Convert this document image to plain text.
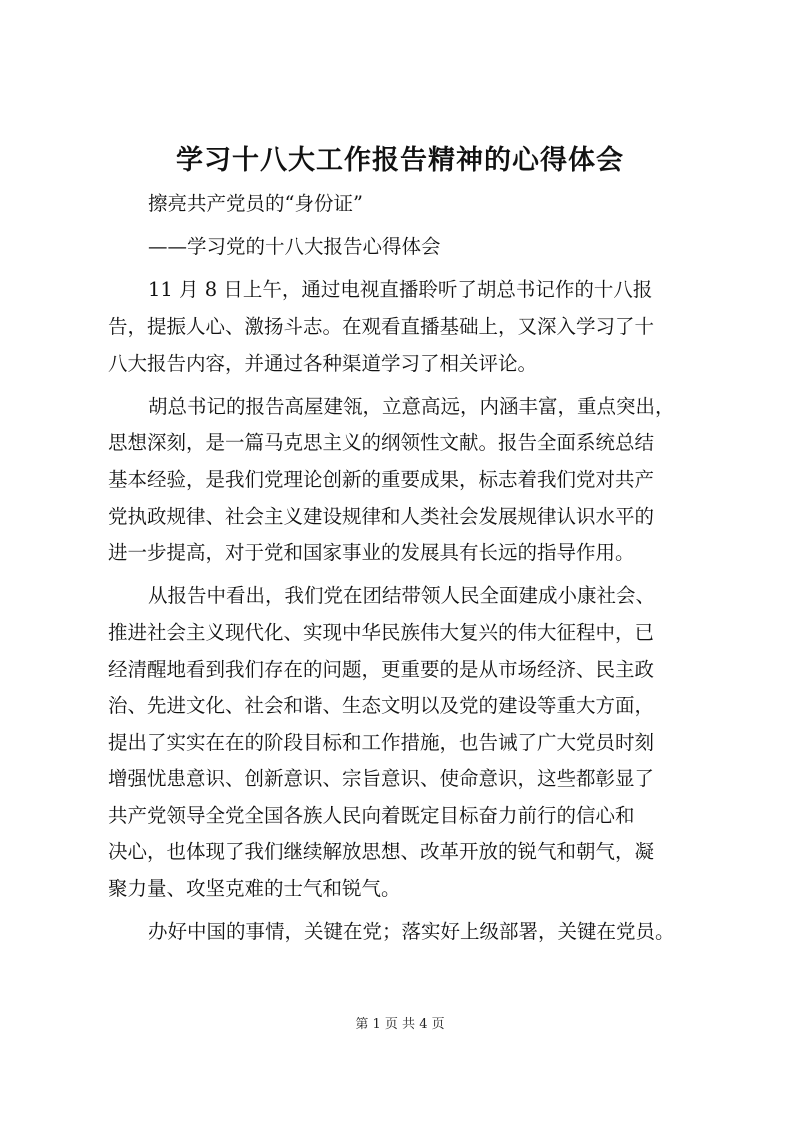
学习十八大工作报告精神的心得体会
擦亮共产党员的“身份证”
——学习党的十八大报告心得体会
11 月 8 日上午，通过电视直播聆听了胡总书记作的十八报
告，提振人心、激扬斗志。在观看直播基础上，又深入学习了十
八大报告内容，并通过各种渠道学习了相关评论。
胡总书记的报告高屋建瓴，立意高远，内涵丰富，重点突出，
思想深刻，是一篇马克思主义的纲领性文献。报告全面系统总结
基本经验，是我们党理论创新的重要成果，标志着我们党对共产
党执政规律、社会主义建设规律和人类社会发展规律认识水平的
进一步提高，对于党和国家事业的发展具有长远的指导作用。
从报告中看出，我们党在团结带领人民全面建成小康社会、
推进社会主义现代化、实现中华民族伟大复兴的伟大征程中，已
经清醒地看到我们存在的问题，更重要的是从市场经济、民主政
治、先进文化、社会和谐、生态文明以及党的建设等重大方面，
提出了实实在在的阶段目标和工作措施，也告诫了广大党员时刻
增强忧患意识、创新意识、宗旨意识、使命意识，这些都彰显了
共产党领导全党全国各族人民向着既定目标奋力前行的信心和
决心，也体现了我们继续解放思想、改革开放的锐气和朝气，凝
聚力量、攻坚克难的士气和锐气。
办好中国的事情，关键在党；落实好上级部署，关键在党员。
第 1 页 共 4 页
